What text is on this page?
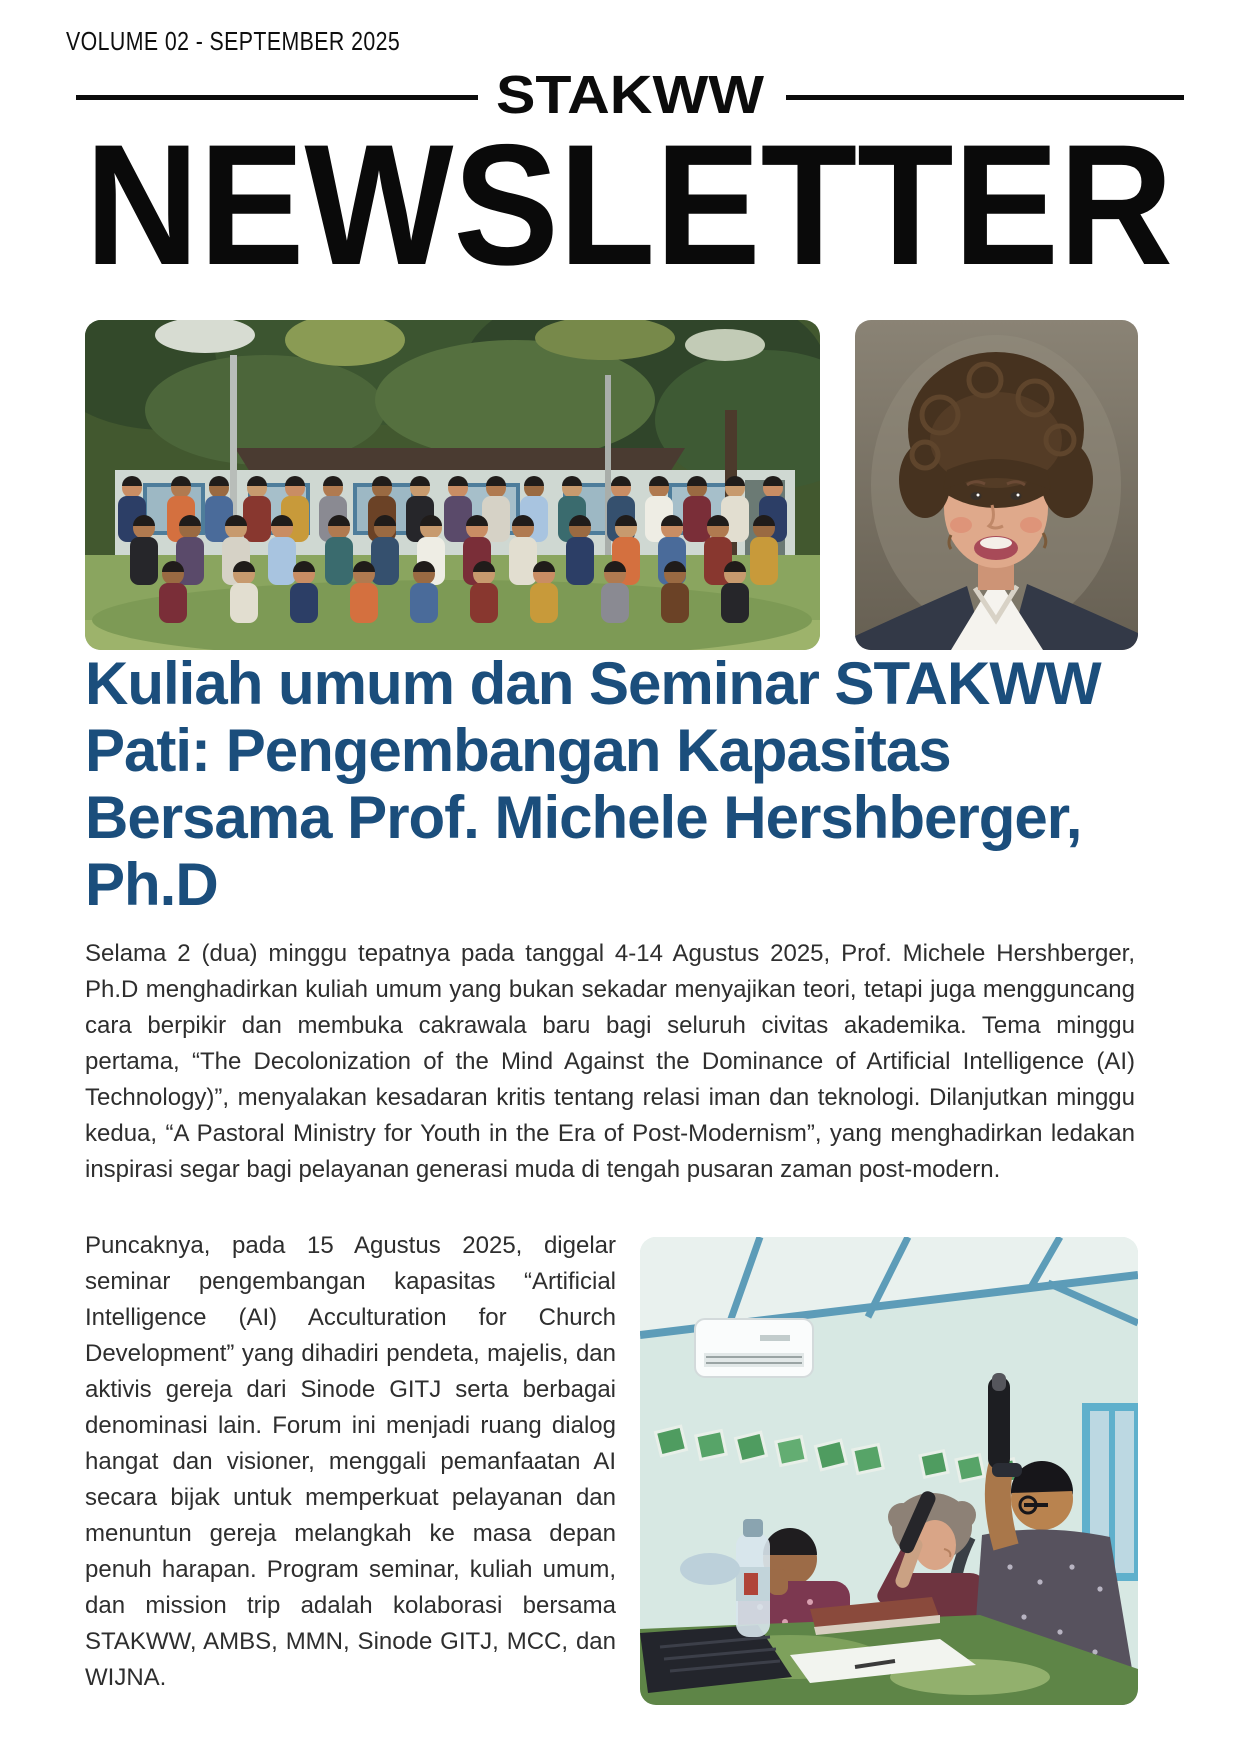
VOLUME 02 - SEPTEMBER 2025
STAKWW
NEWSLETTER
Kuliah umum dan Seminar STAKWW Pati: Pengembangan Kapasitas Bersama Prof. Michele Hershberger, Ph.D

Selama 2 (dua) minggu tepatnya pada tanggal 4-14 Agustus 2025, Prof. Michele Hershberger, Ph.D menghadirkan kuliah umum yang bukan sekadar menyajikan teori, tetapi juga mengguncang cara berpikir dan membuka cakrawala baru bagi seluruh civitas akademika. Tema minggu pertama, “The Decolonization of the Mind Against the Dominance of Artificial Intelligence (AI) Technology)”, menyalakan kesadaran kritis tentang relasi iman dan teknologi. Dilanjutkan minggu kedua, “A Pastoral Ministry for Youth in the Era of Post-Modernism”, yang menghadirkan ledakan inspirasi segar bagi pelayanan generasi muda di tengah pusaran zaman post-modern.

Puncaknya, pada 15 Agustus 2025, digelar seminar pengembangan kapasitas “Artificial Intelligence (AI) Acculturation for Church Development” yang dihadiri pendeta, majelis, dan aktivis gereja dari Sinode GITJ serta berbagai denominasi lain. Forum ini menjadi ruang dialog hangat dan visioner, menggali pemanfaatan AI secara bijak untuk memperkuat pelayanan dan menuntun gereja melangkah ke masa depan penuh harapan. Program seminar, kuliah umum, dan mission trip adalah kolaborasi bersama STAKWW, AMBS, MMN, Sinode GITJ, MCC, dan WIJNA.
